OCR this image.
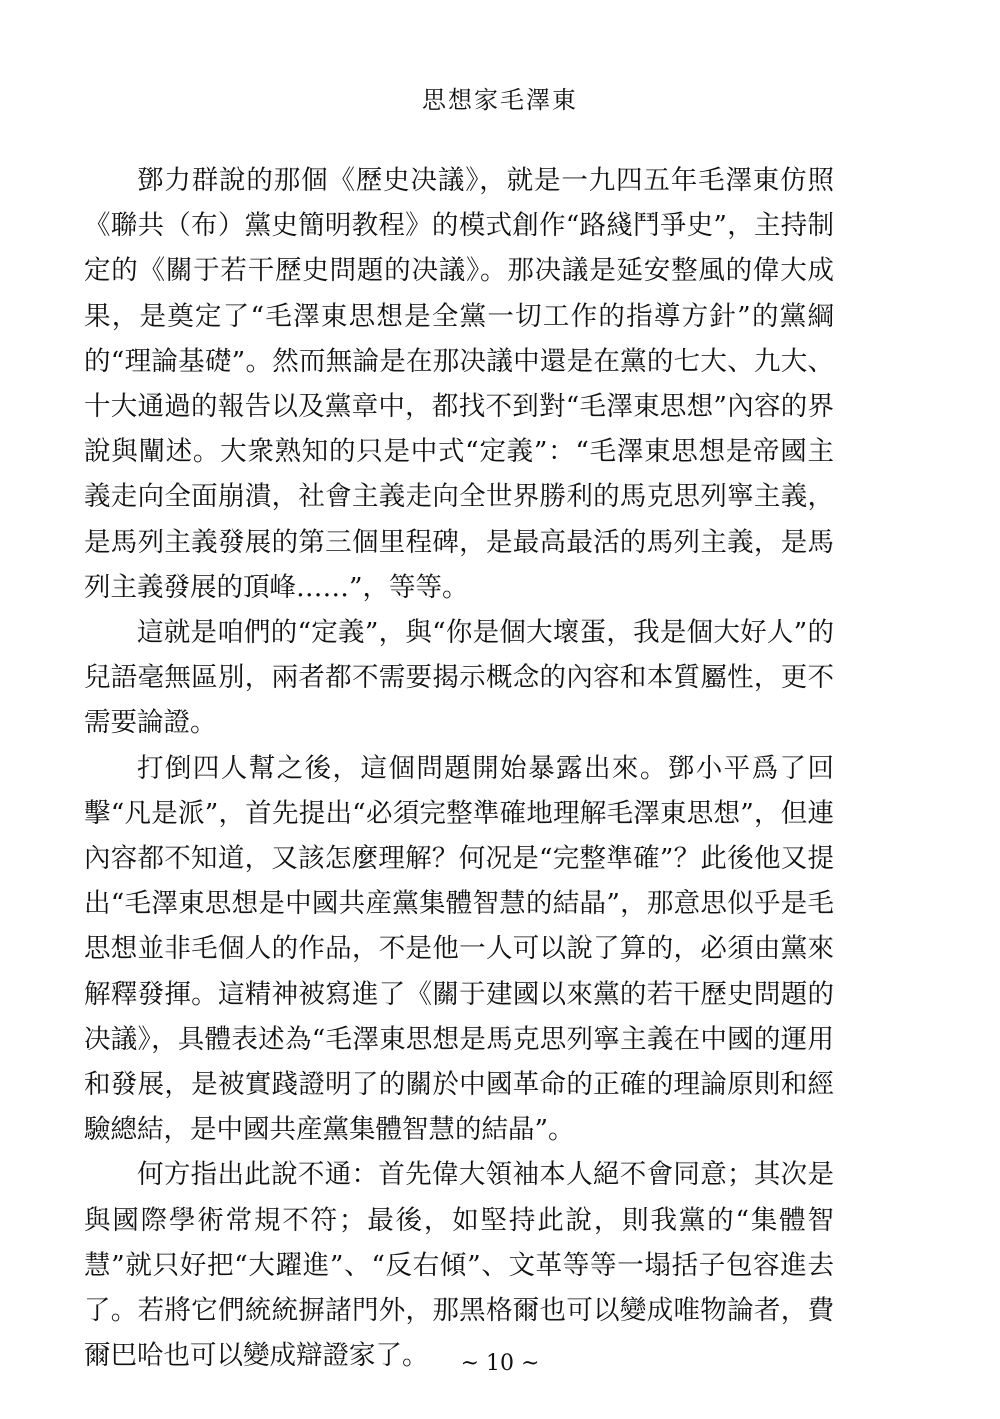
思想家毛澤東

鄧力群說的那個《歷史决議》，就是一九四五年毛澤東仿照《聯共（布）黨史簡明教程》的模式創作“路綫鬥爭史”，主持制定的《關于若干歷史問題的决議》。那决議是延安整風的偉大成果，是奠定了“毛澤東思想是全黨一切工作的指導方針”的黨綱的“理論基礎”。然而無論是在那决議中還是在黨的七大、九大、十大通過的報告以及黨章中，都找不到對“毛澤東思想”內容的界說與闡述。大衆熟知的只是中式“定義”：“毛澤東思想是帝國主義走向全面崩潰，社會主義走向全世界勝利的馬克思列寧主義，是馬列主義發展的第三個里程碑，是最高最活的馬列主義，是馬列主義發展的頂峰……”，等等。

這就是咱們的“定義”，與“你是個大壞蛋，我是個大好人”的兒語毫無區別，兩者都不需要揭示概念的內容和本質屬性，更不需要論證。

打倒四人幫之後，這個問題開始暴露出來。鄧小平爲了回擊“凡是派”，首先提出“必須完整準確地理解毛澤東思想”，但連內容都不知道，又該怎麼理解？何况是“完整準確”？此後他又提出“毛澤東思想是中國共産黨集體智慧的結晶”，那意思似乎是毛思想並非毛個人的作品，不是他一人可以說了算的，必須由黨來解釋發揮。這精神被寫進了《關于建國以來黨的若干歷史問題的决議》，具體表述為“毛澤東思想是馬克思列寧主義在中國的運用和發展，是被實踐證明了的關於中國革命的正確的理論原則和經驗總結，是中國共産黨集體智慧的結晶”。

何方指出此說不通：首先偉大領袖本人絕不會同意；其次是與國際學術常規不符；最後，如堅持此說，則我黨的“集體智慧”就只好把“大躍進”、“反右傾”、文革等等一塌括子包容進去了。若將它們統統摒諸門外，那黑格爾也可以變成唯物論者，費爾巴哈也可以變成辯證家了。	~ 10 ~
